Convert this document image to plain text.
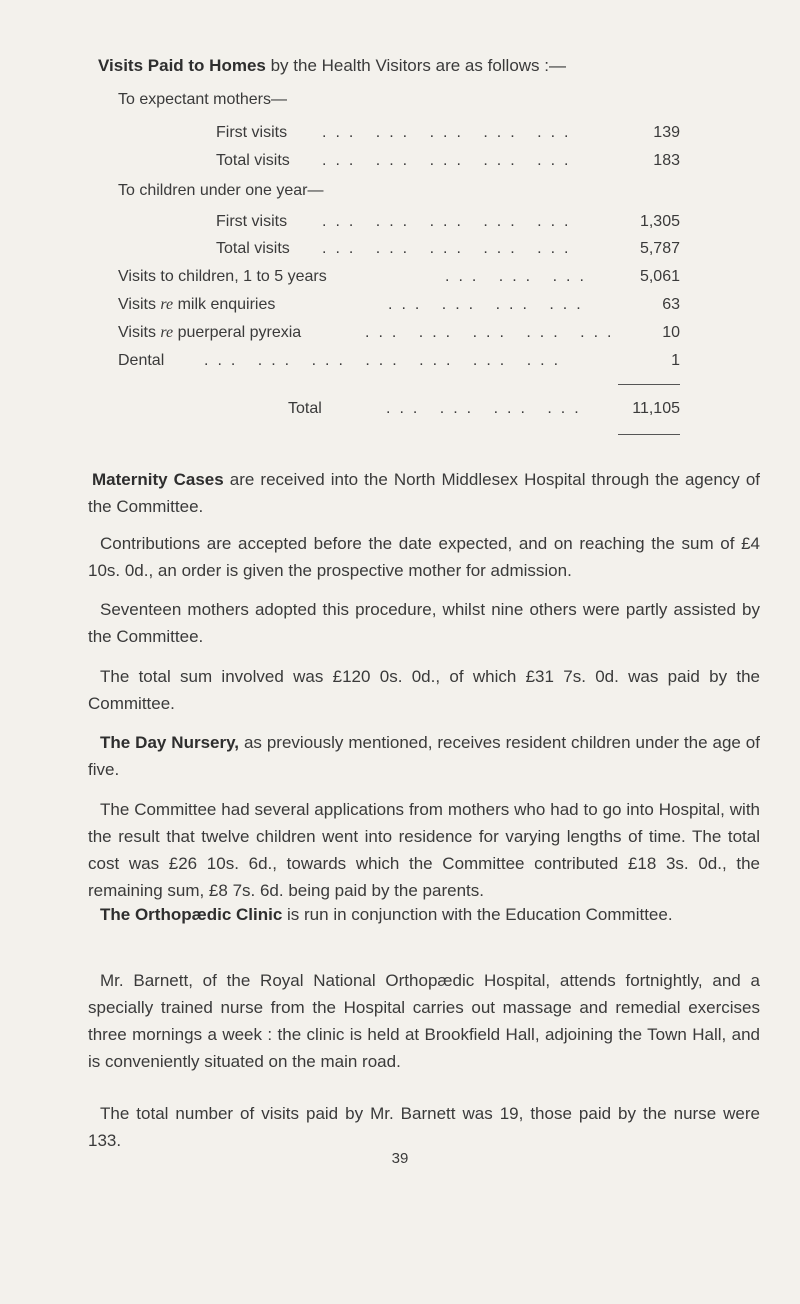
Visits Paid to Homes by the Health Visitors are as follows :—
To expectant mothers—
First visits ... ... ... ... ...	139
Total visits ... ... ... ... ...	183
To children under one year—
First visits ... ... ... ... ...	1,305
Total visits ... ... ... ... ...	5,787
Visits to children, 1 to 5 years	... ... ...	5,061
Visits re milk enquiries	... ... ... ...	63
Visits re puerperal pyrexia	... ... ... ... ...	10
Dental ... ... ... ... ... ... ...	1
Total	... ... ... ...	11,105

Maternity Cases are received into the North Middlesex Hospital through the agency of the Committee.

Contributions are accepted before the date expected, and on reaching the sum of £4 10s. 0d., an order is given the prospective mother for admission.

Seventeen mothers adopted this procedure, whilst nine others were partly assisted by the Committee.

The total sum involved was £120 0s. 0d., of which £31 7s. 0d. was paid by the Committee.

The Day Nursery, as previously mentioned, receives resident children under the age of five.

The Committee had several applications from mothers who had to go into Hospital, with the result that twelve children went into residence for varying lengths of time. The total cost was £26 10s. 6d., towards which the Committee contributed £18 3s. 0d., the remaining sum, £8 7s. 6d. being paid by the parents.

The Orthopædic Clinic is run in conjunction with the Education Committee.

Mr. Barnett, of the Royal National Orthopædic Hospital, attends fortnightly, and a specially trained nurse from the Hospital carries out massage and remedial exercises three mornings a week : the clinic is held at Brookfield Hall, adjoining the Town Hall, and is conveniently situated on the main road.

The total number of visits paid by Mr. Barnett was 19, those paid by the nurse were 133.

39
